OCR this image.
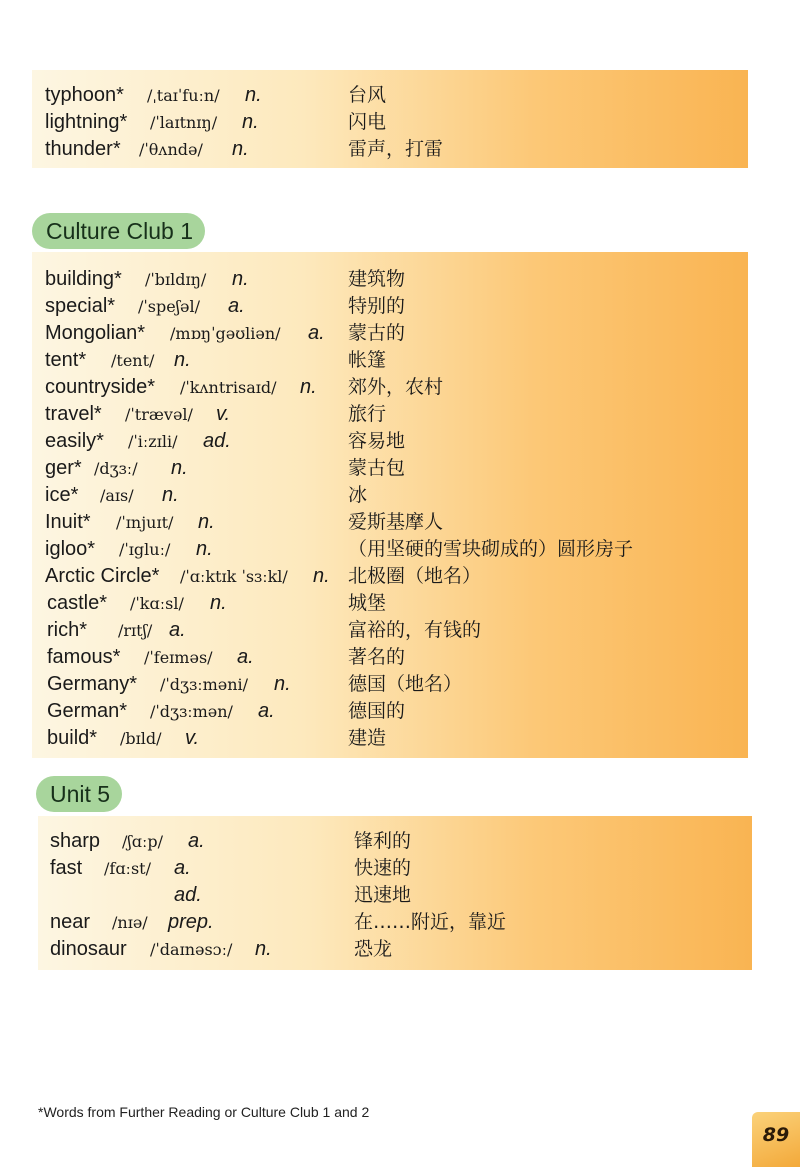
typhoon* /ˌtaɪˈfuːn/ n.	台风
lightning* /ˈlaɪtnɪŋ/ n.	闪电
thunder* /ˈθʌndə/ n.	雷声，打雷
Culture Club 1
building* /ˈbɪldɪŋ/ n.	建筑物
special* /ˈspeʃəl/ a.	特别的
Mongolian* /mɒŋˈgəʊliən/ a. 蒙古的
tent* /tent/ n.	帐篷
countryside* /ˈkʌntrisaɪd/ n. 郊外，农村
travel* /ˈtrævəl/ v.	旅行
easily* /ˈiːzɪli/ ad.	容易地
ger* /dʒɜː/ n.	蒙古包
ice* /aɪs/ n.	冰
Inuit* /ˈɪnjuɪt/ n.	爱斯基摩人
igloo* /ˈɪgluː/ n.	（用坚硬的雪块砌成的）圆形房子
Arctic Circle* /ˈɑːktɪk ˈsɜːkl/ n. 北极圈（地名）
castle* /ˈkɑːsl/ n.	城堡
rich* /rɪtʃ/ a.	富裕的，有钱的
famous* /ˈfeɪməs/ a.	著名的
Germany* /ˈdʒɜːməni/ n.	德国（地名）
German* /ˈdʒɜːmən/ a.	德国的
build* /bɪld/ v.	建造
Unit 5
sharp /ʃɑːp/ a.	锋利的
fast /fɑːst/ a.	快速的
ad.	迅速地
near /nɪə/ prep.	在……附近，靠近
dinosaur /ˈdaɪnəsɔː/ n.	恐龙
*Words from Further Reading or Culture Club 1 and 2
89
